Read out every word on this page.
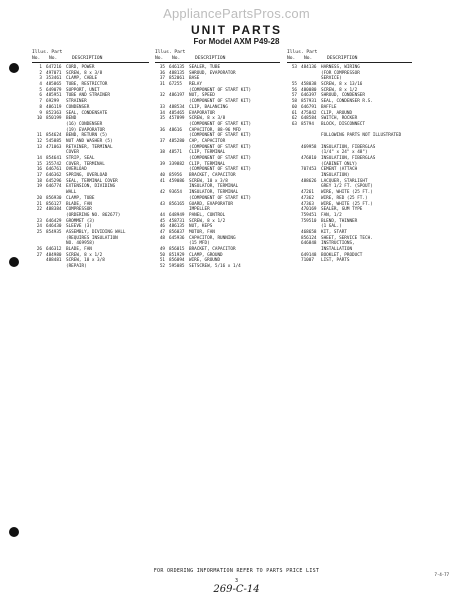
AppliancePartsPros.com
UNIT PARTS
For Model AXM P49-28
Illus. Part
No. No.	DESCRIPTION
1 647216 CORD, POWER
2 497071 SCREW, 8 x 3/8
3 353461 CLAMP, CABLE
4 485865 TUBE, RESTRICTOR
5 649079 SUPPORT, UNIT
6 485951 TUBE AND STRAINER
7 69299 STRAINER
8 486119 CONDENSER
9 852363 SEAL, CONDENSATE
10 850199 BEND
(16) CONDENSER
(19) EVAPORATOR
11 854624 BEND, RETURN (5)
12 545885 NUT AND WASHER (5)
13 471063 RETAINER, TERMINAL
COVER
14 854641 STRIP, SEAL
15 355742 COVER, TERMINAL
16 646761 OVERLOAD
17 646362 SPRING, OVERLOAD
18 645296 SEAL, TERMINAL COVER
19 646774 EXTENSION, DIVIDING
WALL
20 856930 CLAMP, TUBE
21 856127 BLADE, FAN
22 488384 COMPRESSOR
(ORDERING NO. 862677)
23 646429 GROMMET (3)
24 646430 SLEEVE (3)
25 854935 ASSEMBLY, DIVIDING WALL
(REQUIRES INSULATION
NO. 469958)
26 646312 BLADE, FAN
27 484980 SCREW, 8 x 1/2
488481 SCREW, 10 x 3/8
(REPAIR)
Illus. Part
No. No.	DESCRIPTION
35 646135 SEALER, TUBE
36 488135 SHROUD, EVAPORATOR
37 852061 BASE
31 67255 RELAY
(COMPONENT OF START KIT)
32 486197 NUT, SPEED
(COMPONENT OF START KIT)
33 488534 CLIP, BALANCING
34 485465 EVAPORATOR
35 457899 SCREW, 8 x 3/8
(COMPONENT OF START KIT)
36 48616 CAPACITOR, 88-96 MFD
(COMPONENT OF START KIT)
37 485280 CAP, CAPACITOR
(COMPONENT OF START KIT)
38 48571 CLIP, TERMINAL
(COMPONENT OF START KIT)
39 339882 CLIP, TERMINAL
(COMPONENT OF START KIT)
40 85956 BRACKET, CAPACITOR
41 459086 SCREW, 10 x 3/8
INSULATOR, TERMINAL
42 93654 INSULATOR, TERMINAL
(COMPONENT OF START KIT)
43 856165 GUARD, EVAPORATOR
IMPELLER
44 648949 PANEL, CONTROL
45 458731 SCREW, 8 x 1/2
46 486135 NUT, KEPS
47 856037 MOTOR, FAN
48 645936 CAPACITOR, RUNNING
(15 MFD)
49 856015 BRACKET, CAPACITOR
50 851929 CLAMP, GROUND
51 856094 WIRE, GROUND
52 595085 SETSCREW, 5/16 x 1/4
Illus. Part
No. No.	DESCRIPTION
53 484136 HARNESS, WIRING
(FOR COMPRESSOR
SERVICE)
55 458038 SCREW, 8 x 13/16
56 480080 SCREW, 8 x 1/2
57 646397 SHROUD, CONDENSER
58 857931 SEAL, CONDENSER R.S.
60 646791 BAFFLE
61 475842 CLIP, AROUND
62 648584 SWITCH, ROCKER
63 85794 BLOCK, DISCONNECT
FOLLOWING PARTS NOT ILLUSTRATED
469958 INSULATION, FIBERGLAS
(1/4" x 24" x 48")
476810 INSULATION, FIBERGLAS
(CABINET ONLY)
707453 CEMENT (ATTACH
INSULATION)
488626 LACQUER, STARLIGHT
GREY 1/2 FT. (SPOUT)
47261 WIRE, WHITE (25 FT.)
47362 WIRE, RED (25 FT.)
47363 WIRE, WHITE (25 FT.)
470169 SEALER, GUM TYPE
759451 FAN, 1/2
759510 BLEND, THINNER
(1 GAL.)
468658 KIT, START
856124 SHEET, SERVICE TECH.
646848 INSTRUCTIONS,
INSTALLATION
649148 BOOKLET, PRODUCT
71007 LIST, PARTS
FOR ORDERING INFORMATION REFER TO PARTS PRICE LIST
3
269-C-14
7-4-77
